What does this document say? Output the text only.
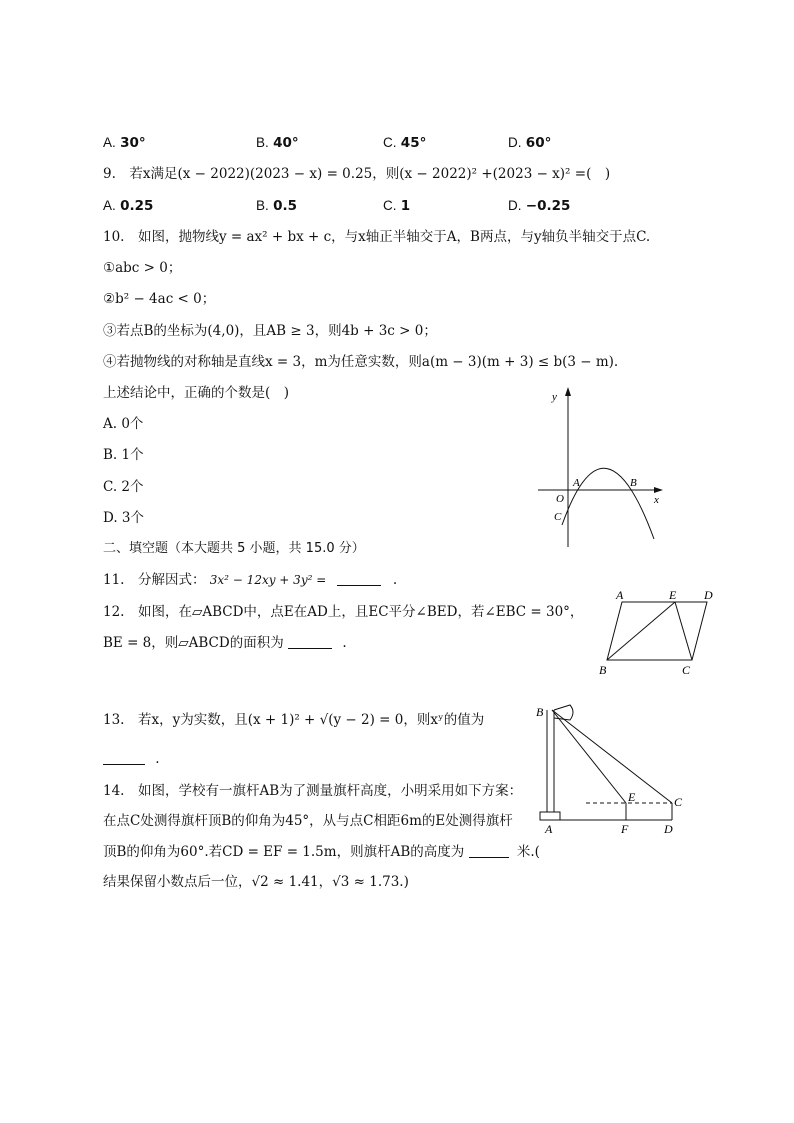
A. 30°	B. 40°	C. 45°	D. 60°
9.　若x满足(x − 2022)(2023 − x) = 0.25，则(x − 2022)² +(2023 − x)² =(　)
A. 0.25	B. 0.5	C. 1	D. −0.25
10.　如图，抛物线y = ax² + bx + c，与x轴正半轴交于A，B两点，与y轴负半轴交于点C.
①abc > 0；
②b² − 4ac < 0；
③若点B的坐标为(4,0)，且AB ≥ 3，则4b + 3c > 0；
④若抛物线的对称轴是直线x = 3，m为任意实数，则a(m − 3)(m + 3) ≤ b(3 − m).
上述结论中，正确的个数是(　)
A. 0个
B. 1个
C. 2个
D. 3个
y
x
O
A	B
C
二、填空题（本大题共 5 小题，共 15.0 分）
11.　分解因式： 3x² − 12xy + 3y² =	.
12.　如图，在▱ABCD中，点E在AD上，且EC平分∠BED，若∠EBC = 30°，
BE = 8，则▱ABCD的面积为	.
A	E D
B	C
13.　若x，y为实数，且(x + 1)² + √(y − 2) = 0，则xʸ的值为
.
14.　如图，学校有一旗杆AB为了测量旗杆高度，小明采用如下方案：
在点C处测得旗杆顶B的仰角为45°，从与点C相距6m的E处测得旗杆
顶B的仰角为60°.若CD = EF = 1.5m，则旗杆AB的高度为	米.(
结果保留小数点后一位，√2 ≈ 1.41，√3 ≈ 1.73.)
B
E	C
A	F	D
